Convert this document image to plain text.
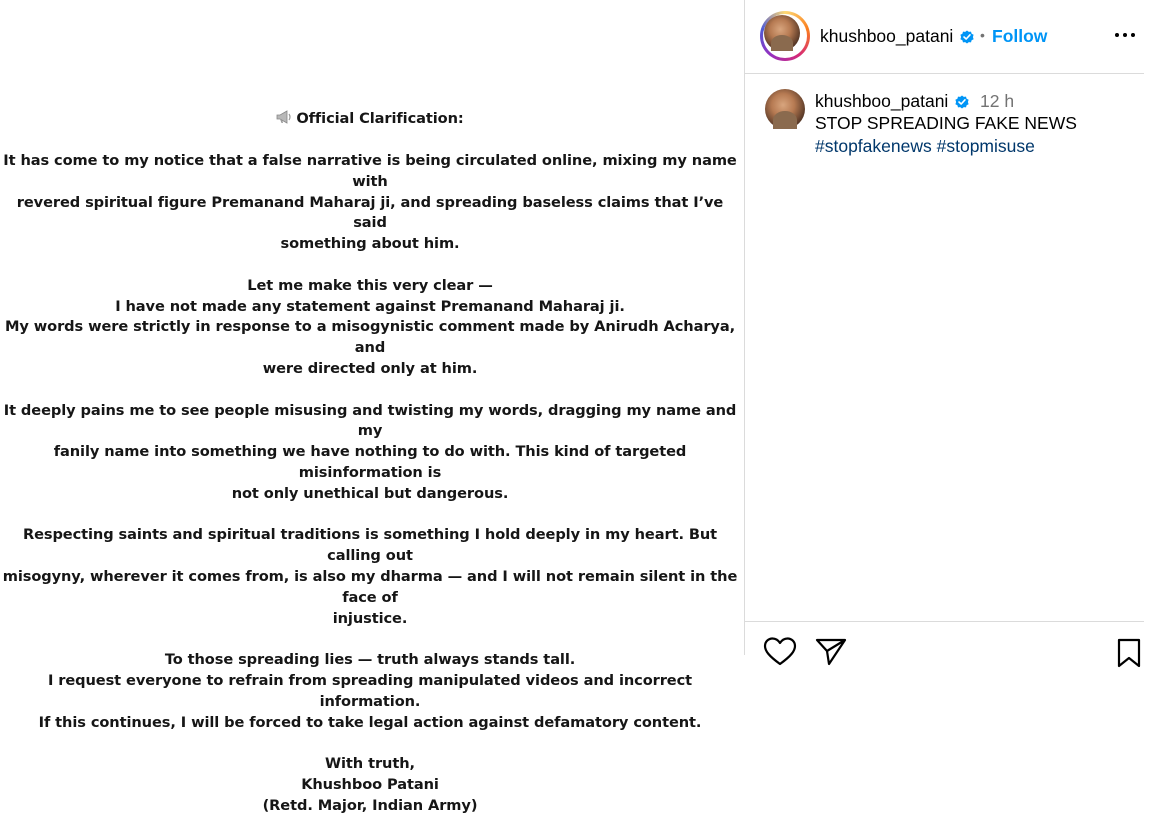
Official Clarification:

It has come to my notice that a false narrative is being circulated online, mixing my name with

revered spiritual figure Premanand Maharaj ji, and spreading baseless claims that I’ve said

something about him.

Let me make this very clear —

I have not made any statement against Premanand Maharaj ji.

My words were strictly in response to a misogynistic comment made by Anirudh Acharya, and

were directed only at him.

It deeply pains me to see people misusing and twisting my words, dragging my name and my

fanily name into something we have nothing to do with. This kind of targeted misinformation is

not only unethical but dangerous.

Respecting saints and spiritual traditions is something I hold deeply in my heart. But calling out

misogyny, wherever it comes from, is also my dharma — and I will not remain silent in the face of

injustice.

To those spreading lies — truth always stands tall.

I request everyone to refrain from spreading manipulated videos and incorrect information.

If this continues, I will be forced to take legal action against defamatory content.

With truth,

Khushboo Patani

(Retd. Major, Indian Army)

khushboo_patani • Follow
khushboo_patani 12 h
STOP SPREADING FAKE NEWS
#stopfakenews #stopmisuse
